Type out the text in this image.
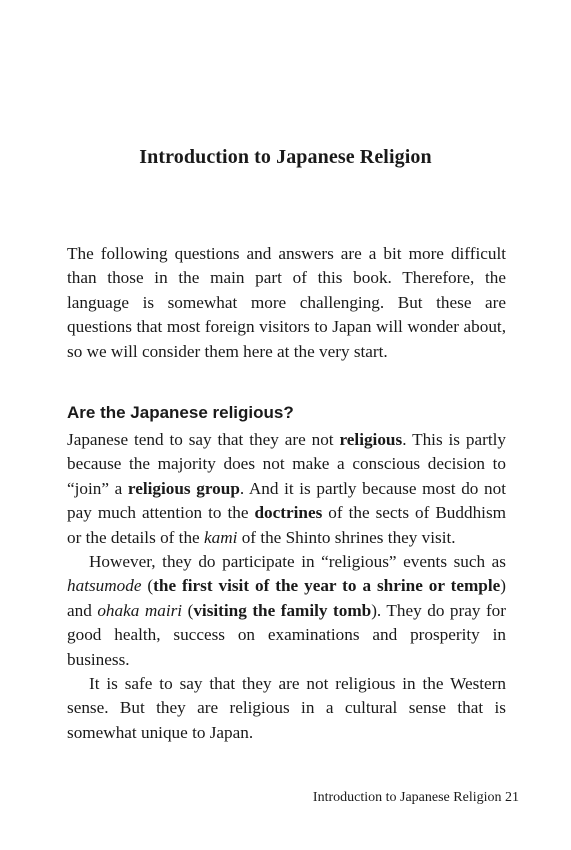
Introduction to Japanese Religion

The following questions and answers are a bit more difficult than those in the main part of this book. Therefore, the language is somewhat more challenging. But these are questions that most foreign visitors to Japan will wonder about, so we will consider them here at the very start.

Are the Japanese religious?

Japanese tend to say that they are not religious. This is partly because the majority does not make a conscious decision to “join” a religious group. And it is partly because most do not pay much attention to the doctrines of the sects of Buddhism or the details of the kami of the Shinto shrines they visit.

However, they do participate in “religious” events such as hatsumode (the first visit of the year to a shrine or temple) and ohaka mairi (visiting the family tomb). They do pray for good health, success on examinations and prosperity in business.

It is safe to say that they are not religious in the Western sense. But they are religious in a cultural sense that is somewhat unique to Japan.

Introduction to Japanese Religion 21
